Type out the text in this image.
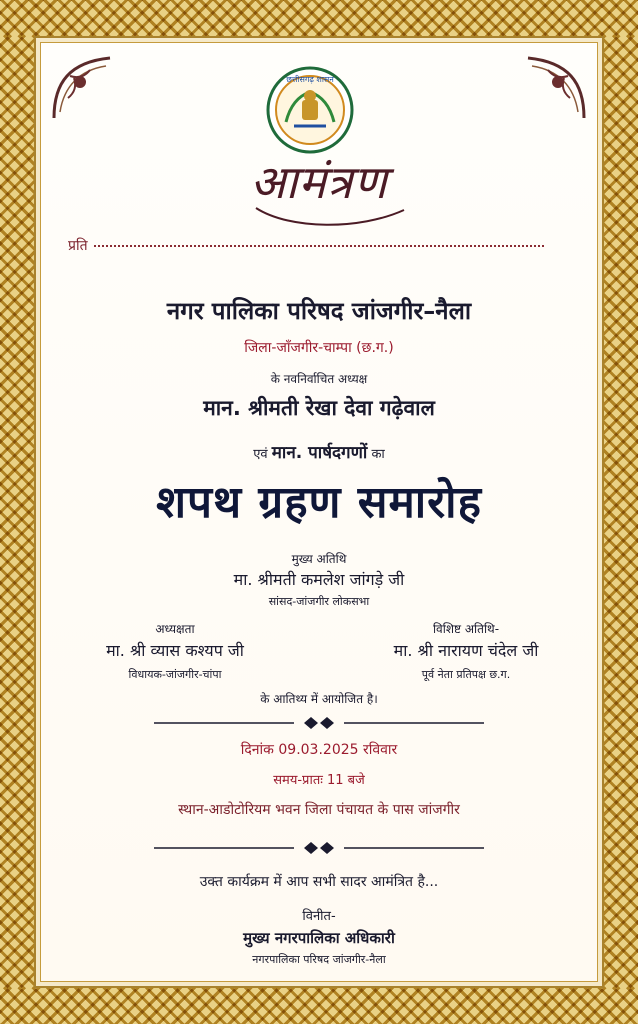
छत्तीसगढ़ शासन
आमंत्रण
प्रति
नगर पालिका परिषद जांजगीर–नैला
जिला-जाँजगीर-चाम्पा (छ.ग.)
के नवनिर्वाचित अध्यक्ष
मान. श्रीमती रेखा देवा गढ़ेवाल
एवं मान. पार्षदगणों का
शपथ ग्रहण समारोह
मुख्य अतिथि
मा. श्रीमती कमलेश जांगड़े जी
सांसद-जांजगीर लोकसभा
अध्यक्षता
मा. श्री व्यास कश्यप जी
विधायक-जांजगीर-चांपा
विशिष्ट अतिथि-
मा. श्री नारायण चंदेल जी
पूर्व नेता प्रतिपक्ष छ.ग.
के आतिथ्य में आयोजित है।
दिनांक 09.03.2025 रविवार
समय-प्रातः 11 बजे
स्थान-आडोटोरियम भवन जिला पंचायत के पास जांजगीर
उक्त कार्यक्रम में आप सभी सादर आमंत्रित है...
विनीत-
मुख्य नगरपालिका अधिकारी
नगरपालिका परिषद जांजगीर-नैला
